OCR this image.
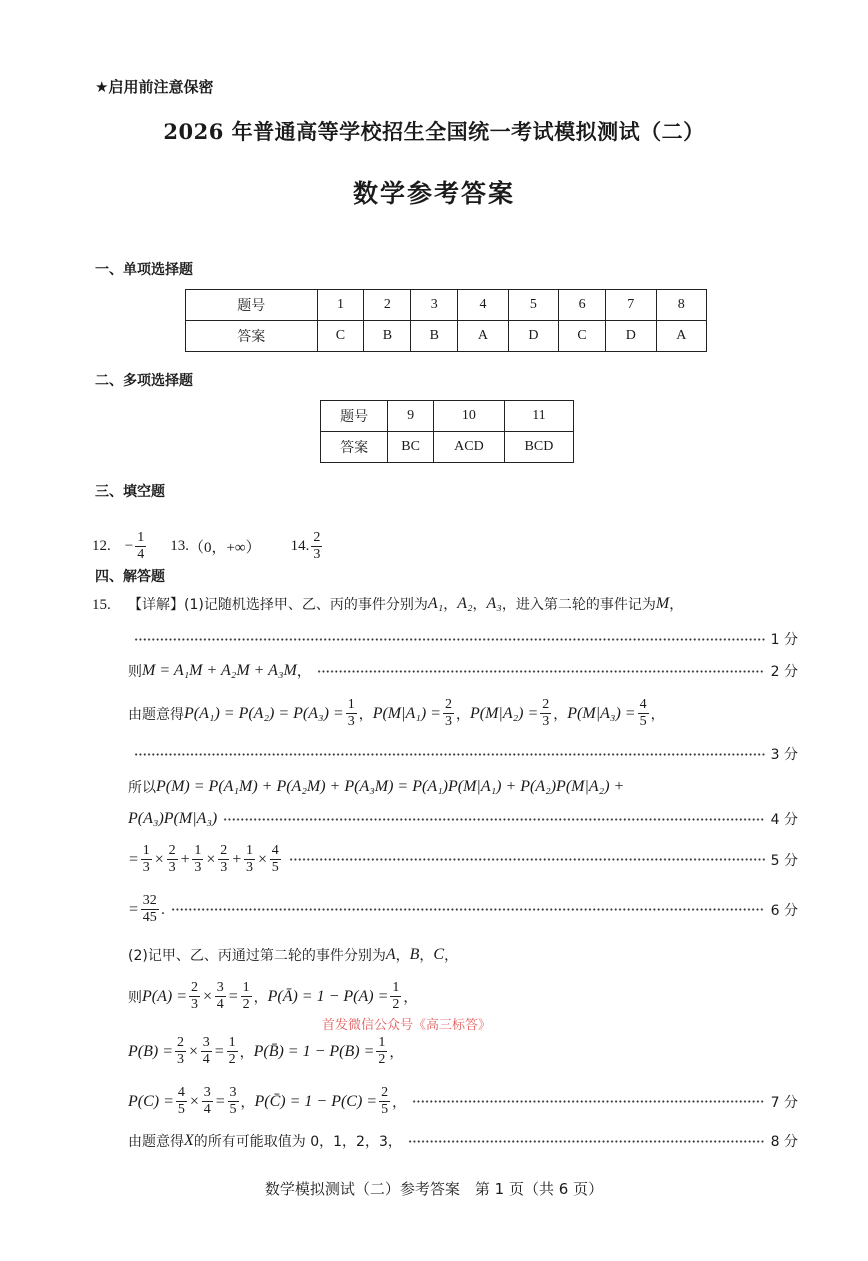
★启用前注意保密
2026 年普通高等学校招生全国统一考试模拟测试（二）
数学参考答案
一、单项选择题
题号	1	2	3	4	5	6	7	8
答案	C	B	B	A	D	C	D	A
二、多项选择题
题号	9	10	11
答案	BC	ACD	BCD
三、填空题
12. − $\frac{1}{4} 13$. （0，+∞） 14. $\frac{2}{3}$
四、解答题
15. 【详解】(1)记随机选择甲、乙、丙的事件分别为 A₁ ， A₂ ， A₃ ，进入第二轮的事件记为 M ，
1 分
则 M = A₁M + A₂M + A₃M ，	2 分
由题意得 $P(A_1) = P(A_2) = P(A_3) = \frac{1}{3}$ ， $P(M|A_1) = \frac{2}{3}$ ， $P(M|A_2) = \frac{2}{3}$ ， $P(M|A_3) = \frac{4}{5}$ ，
3 分
所以 P(M) = P(A₁M) + P(A₂M) + P(A₃M) = P(A₁)P(M|A₁) + P(A₂)P(M|A₂) +
P(A₃)P(M|A₃)	4 分
= $\frac{1}{3} \times \frac{2}{3} + \frac{1}{3} \times \frac{2}{3} + \frac{1}{3} \times \frac{4}{5}$	5 分
= $\frac{32}{45}$ .	6 分
(2)记甲、乙、丙通过第二轮的事件分别为 A ， B ， C ，
则 $P(A) = \frac{2}{3} \times \frac{3}{4} = \frac{1}{2}$ ， P(Ā) = $1 - P(A) = \frac{1}{2}$ ，
$P(B) = \frac{2}{3} \times \frac{3}{4} = \frac{1}{2}$ ， P(B̄) = $1 - P(B) = \frac{1}{2}$ ，
$P(C) = \frac{4}{5} \times \frac{3}{4} = \frac{3}{5}$ ， P(C̄) = $1 - P(C) = \frac{2}{5}$ ，	7 分
由题意得 X 的所有可能取值为 0，1，2，3，	8 分
首发微信公众号《高三标答》
数学模拟测试（二）参考答案　第 1 页（共 6 页）
